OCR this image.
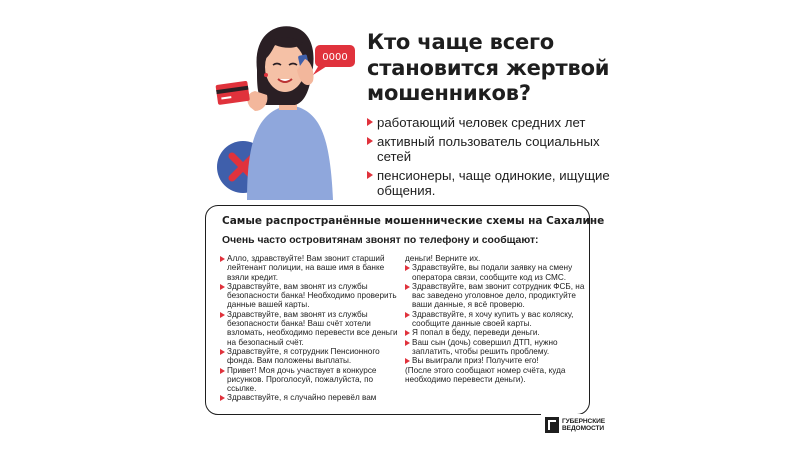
0000
Кто чаще всего становится жертвой мошенников?
работающий человек средних лет
активный пользователь социальных сетей
пенсионеры, чаще одинокие, ищущие общения.

Самые распространённые мошеннические схемы на Сахалине

Очень часто островитянам звонят по телефону и сообщают:

Алло, здравствуйте! Вам звонит старший лейтенант полиции, на ваше имя в банке взяли кредит.
Здравствуйте, вам звонят из службы безопасности банка! Необходимо проверить данные вашей карты.
Здравствуйте, вам звонят из службы безопасности банка! Ваш счёт хотели взломать, необходимо перевести все деньги на безопасный счёт.
Здравствуйте, я сотрудник Пенсионного фонда. Вам положены выплаты.
Привет! Моя дочь участвует в конкурсе рисунков. Проголосуй, пожалуйста, по ссылке.
Здравствуйте, я случайно перевёл вам
деньги! Верните их.
Здравствуйте, вы подали заявку на смену оператора связи, сообщите код из СМС.
Здравствуйте, вам звонит сотрудник ФСБ, на вас заведено уголовное дело, продиктуйте ваши данные, я всё проверю.
Здравствуйте, я хочу купить у вас коляску, сообщите данные своей карты.
Я попал в беду, переведи деньги.
Ваш сын (дочь) совершил ДТП, нужно заплатить, чтобы решить проблему.
Вы выиграли приз! Получите его!
(После этого сообщают номер счёта, куда необходимо перевести деньги).
ГУБЕРНСКИЕ
ВЕДОМОСТИ
